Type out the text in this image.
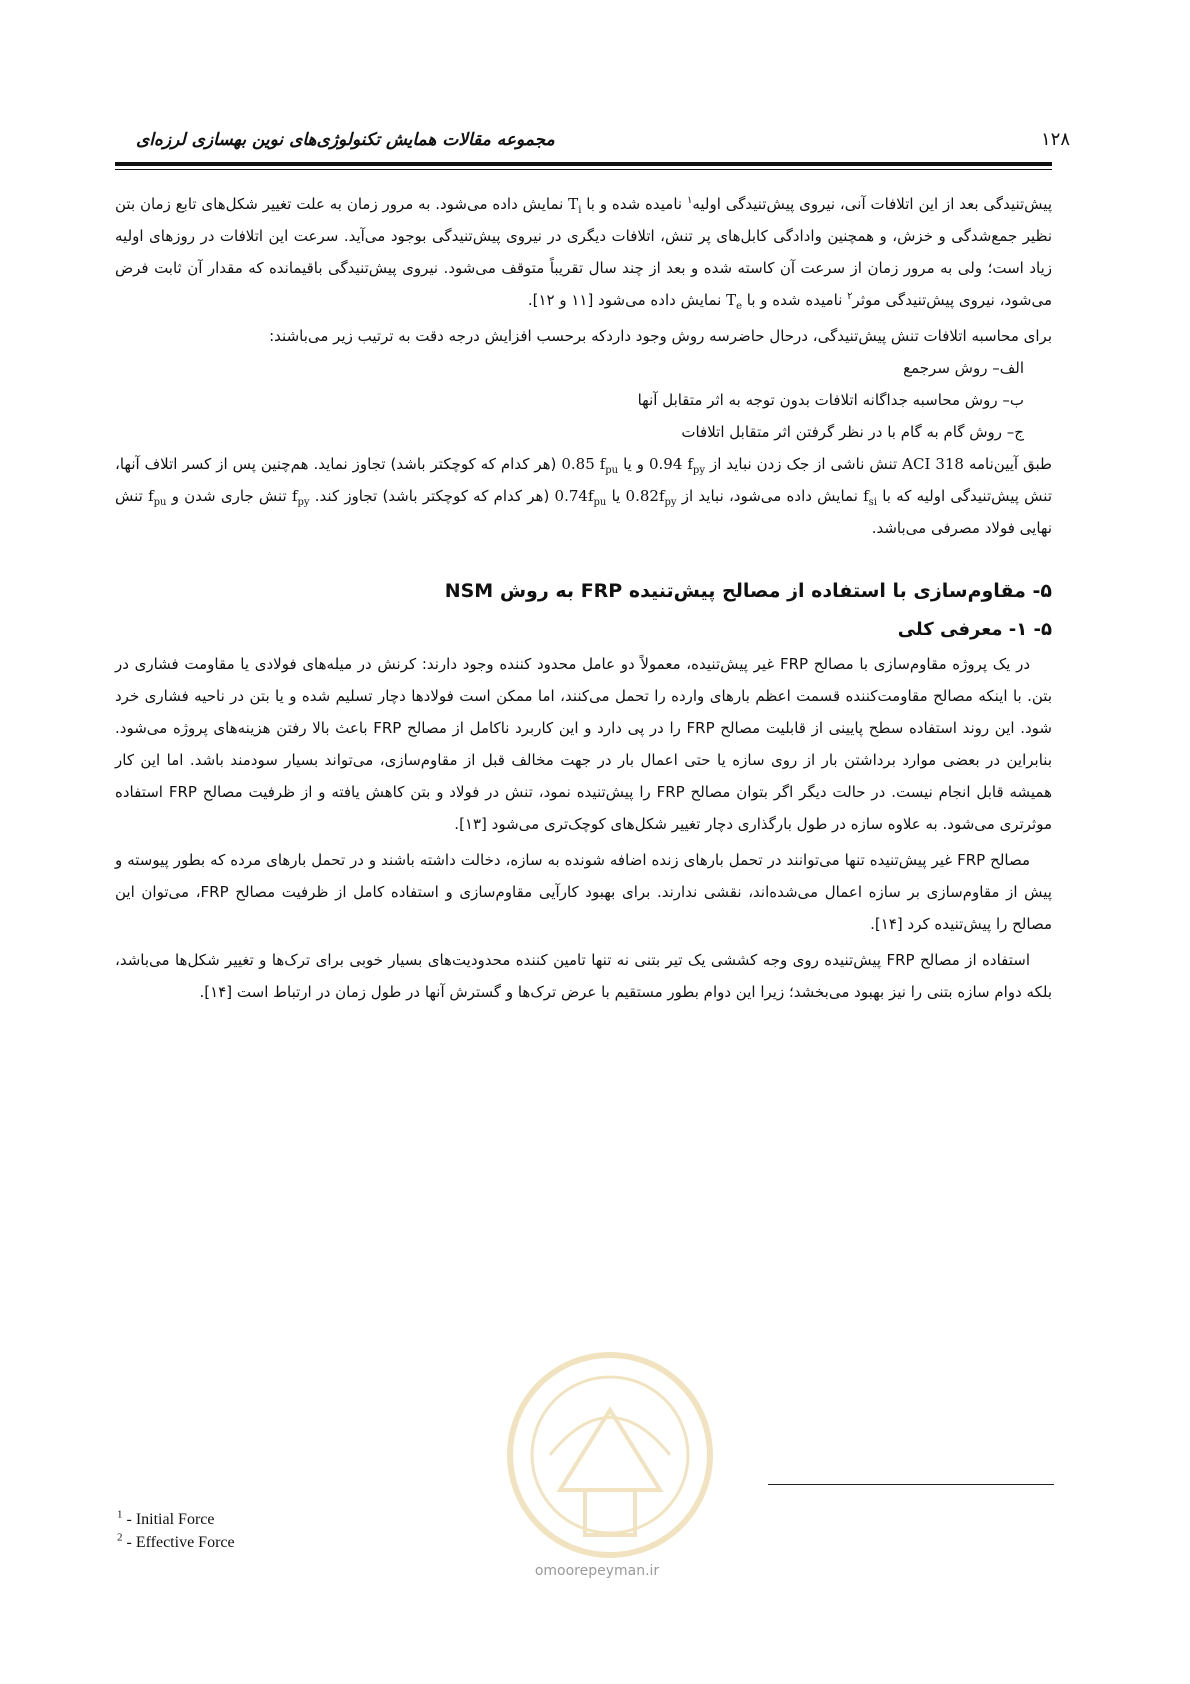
مجموعه مقالات همایش تکنولوژی‌های نوین بهسازی لرزه‌ای	۱۲۸

پیش‌تنیدگی بعد از این اتلافات آنی، نیروی پیش‌تنیدگی اولیه$^۱$ نامیده شده و با $T_i$ نمایش داده می‌شود. به مرور زمان به علت تغییر شکل‌های تابع زمان بتن نظیر جمع‌شدگی و خزش، و همچنین وادادگی کابل‌های پر تنش، اتلافات دیگری در نیروی پیش‌تنیدگی بوجود می‌آید. سرعت این اتلافات در روزهای اولیه زیاد است؛ ولی به مرور زمان از سرعت آن کاسته شده و بعد از چند سال تقریباً متوقف می‌شود. نیروی پیش‌تنیدگی باقیمانده که مقدار آن ثابت فرض می‌شود، نیروی پیش‌تنیدگی موثر$^۲$ نامیده شده و با $T_e$ نمایش داده می‌شود [۱۱ و ۱۲].

برای محاسبه اتلافات تنش پیش‌تنیدگی، درحال حاضرسه روش وجود داردکه برحسب افزایش درجه دقت به ترتیب زیر می‌باشند:

الف– روش سرجمع

ب– روش محاسبه جداگانه اتلافات بدون توجه به اثر متقابل آنها

ج– روش گام به گام با در نظر گرفتن اثر متقابل اتلافات

طبق آیین‌نامه ACI 318 تنش ناشی از جک زدن نباید از 0.94 $f_{py}$ و یا 0.85 $f_{pu}$ (هر کدام که کوچکتر باشد) تجاوز نماید. هم‌چنین پس از کسر اتلاف آنها، تنش پیش‌تنیدگی اولیه که با $f_{si}$ نمایش داده می‌شود، نباید از $0.82f_{py}$ یا $0.74f_{pu}$ (هر کدام که کوچکتر باشد) تجاوز کند. $f_{py}$ تنش جاری شدن و $f_{pu}$ تنش نهایی فولاد مصرفی می‌باشد.

۵- مقاوم‌سازی با استفاده از مصالح پیش‌تنیده FRP به روش NSM
۵- ۱- معرفی کلی

در یک پروژه مقاوم‌سازی با مصالح FRP غیر پیش‌تنیده، معمولاً دو عامل محدود کننده وجود دارند: کرنش در میله‌های فولادی یا مقاومت فشاری در بتن. با اینکه مصالح مقاومت‌کننده قسمت اعظم بارهای وارده را تحمل می‌کنند، اما ممکن است فولادها دچار تسلیم شده و یا بتن در ناحیه فشاری خرد شود. این روند استفاده سطح پایینی از قابلیت مصالح FRP را در پی دارد و این کاربرد ناکامل از مصالح FRP باعث بالا رفتن هزینه‌های پروژه می‌شود. بنابراین در بعضی موارد برداشتن بار از روی سازه یا حتی اعمال بار در جهت مخالف قبل از مقاوم‌سازی، می‌تواند بسیار سودمند باشد. اما این کار همیشه قابل انجام نیست. در حالت دیگر اگر بتوان مصالح FRP را پیش‌تنیده نمود، تنش در فولاد و بتن کاهش یافته و از ظرفیت مصالح FRP استفاده موثرتری می‌شود. به علاوه سازه در طول بارگذاری دچار تغییر شکل‌های کوچک‌تری می‌شود [۱۳].

مصالح FRP غیر پیش‌تنیده تنها می‌توانند در تحمل بارهای زنده اضافه شونده به سازه، دخالت داشته باشند و در تحمل بارهای مرده که بطور پیوسته و پیش از مقاوم‌سازی بر سازه اعمال می‌شده‌اند، نقشی ندارند. برای بهبود کارآیی مقاوم‌سازی و استفاده کامل از ظرفیت مصالح FRP، می‌توان این مصالح را پیش‌تنیده کرد [۱۴].

استفاده از مصالح FRP پیش‌تنیده روی وجه کششی یک تیر بتنی نه تنها تامین کننده محدودیت‌های بسیار خوبی برای ترک‌ها و تغییر شکل‌ها می‌باشد، بلکه دوام سازه بتنی را نیز بهبود می‌بخشد؛ زیرا این دوام بطور مستقیم با عرض ترک‌ها و گسترش آنها در طول زمان در ارتباط است [۱۴].

$^1$ - Initial Force
$^2$ - Effective Force
omoorepeyman.ir
